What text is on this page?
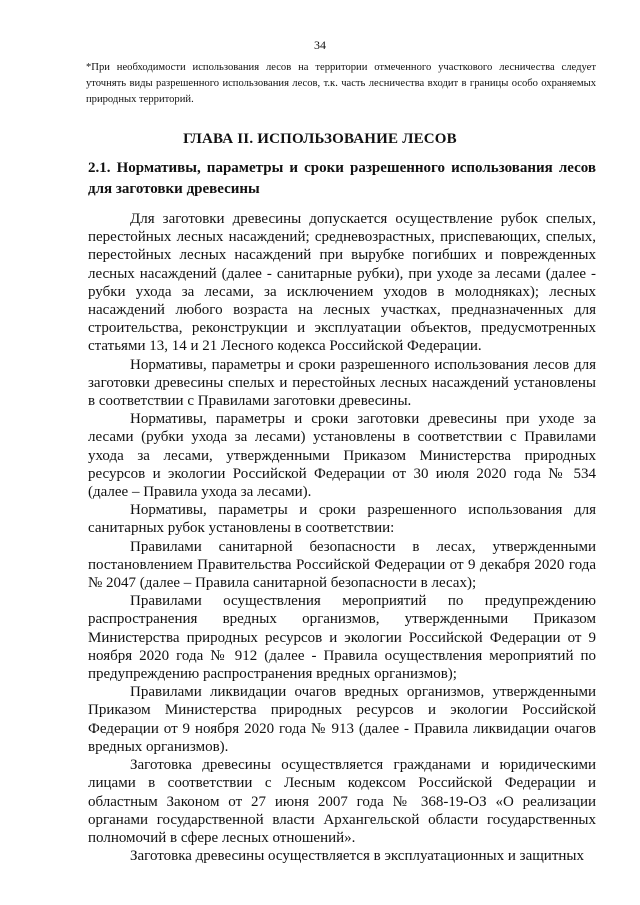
34
*При необходимости использования лесов на территории отмеченного участкового лесничества следует уточнять виды разрешенного использования лесов, т.к. часть лесничества входит в границы особо охраняемых природных территорий.
ГЛАВА II. ИСПОЛЬЗОВАНИЕ ЛЕСОВ
2.1. Нормативы, параметры и сроки разрешенного использования лесов для заготовки древесины

Для заготовки древесины допускается осуществление рубок спелых, перестойных лесных насаждений; средневозрастных, приспевающих, спелых, перестойных лесных насаждений при вырубке погибших и поврежденных лесных насаждений (далее - санитарные рубки), при уходе за лесами (далее - рубки ухода за лесами, за исключением уходов в молодняках); лесных насаждений любого возраста на лесных участках, предназначенных для строительства, реконструкции и эксплуатации объектов, предусмотренных статьями 13, 14 и 21 Лесного кодекса Российской Федерации.

Нормативы, параметры и сроки разрешенного использования лесов для заготовки древесины спелых и перестойных лесных насаждений установлены в соответствии с Правилами заготовки древесины.

Нормативы, параметры и сроки заготовки древесины при уходе за лесами (рубки ухода за лесами) установлены в соответствии с Правилами ухода за лесами, утвержденными Приказом Министерства природных ресурсов и экологии Российской Федерации от 30 июля 2020 года № 534 (далее – Правила ухода за лесами).

Нормативы, параметры и сроки разрешенного использования для санитарных рубок установлены в соответствии:

Правилами санитарной безопасности в лесах, утвержденными постановлением Правительства Российской Федерации от 9 декабря 2020 года № 2047 (далее – Правила санитарной безопасности в лесах);

Правилами осуществления мероприятий по предупреждению распространения вредных организмов, утвержденными Приказом Министерства природных ресурсов и экологии Российской Федерации от 9 ноября 2020 года № 912 (далее - Правила осуществления мероприятий по предупреждению распространения вредных организмов);

Правилами ликвидации очагов вредных организмов, утвержденными Приказом Министерства природных ресурсов и экологии Российской Федерации от 9 ноября 2020 года № 913 (далее - Правила ликвидации очагов вредных организмов).

Заготовка древесины осуществляется гражданами и юридическими лицами в соответствии с Лесным кодексом Российской Федерации и областным Законом от 27 июня 2007 года № 368-19-ОЗ «О реализации органами государственной власти Архангельской области государственных полномочий в сфере лесных отношений».

Заготовка древесины осуществляется в эксплуатационных и защитных
